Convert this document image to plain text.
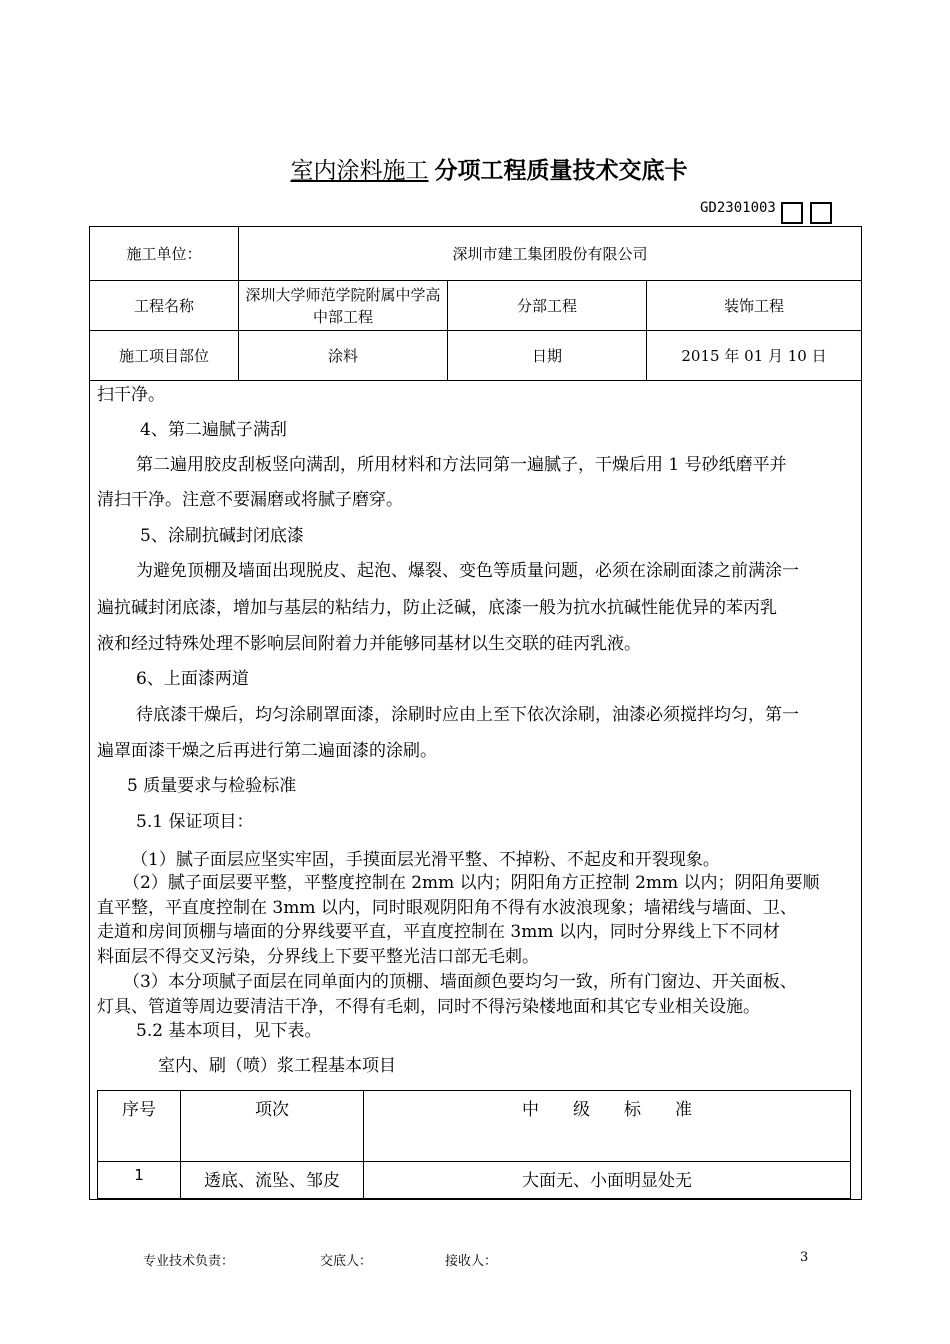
室内涂料施工 分项工程质量技术交底卡
GD2301003
施工单位：	深圳市建工集团股份有限公司		
工程名称	深圳大学师范学院附属中学高中部工程	分部工程	装饰工程
施工项目部位	涂料	日期	2015 年 01 月 10 日
扫干净。
4、第二遍腻子满刮
第二遍用胶皮刮板竖向满刮，所用材料和方法同第一遍腻子，干燥后用 1 号砂纸磨平并
清扫干净。注意不要漏磨或将腻子磨穿。
5、涂刷抗碱封闭底漆
为避免顶棚及墙面出现脱皮、起泡、爆裂、变色等质量问题，必须在涂刷面漆之前满涂一
遍抗碱封闭底漆，增加与基层的粘结力，防止泛碱，底漆一般为抗水抗碱性能优异的苯丙乳
液和经过特殊处理不影响层间附着力并能够同基材以生交联的硅丙乳液。
6、上面漆两道
待底漆干燥后，均匀涂刷罩面漆，涂刷时应由上至下依次涂刷，油漆必须搅拌均匀，第一
遍罩面漆干燥之后再进行第二遍面漆的涂刷。
5 质量要求与检验标准
5.1 保证项目：
（1）腻子面层应坚实牢固，手摸面层光滑平整、不掉粉、不起皮和开裂现象。
（2）腻子面层要平整，平整度控制在 2mm 以内；阴阳角方正控制 2mm 以内；阴阳角要顺
直平整，平直度控制在 3mm 以内，同时眼观阴阳角不得有水波浪现象；墙裙线与墙面、卫、
走道和房间顶棚与墙面的分界线要平直，平直度控制在 3mm 以内，同时分界线上下不同材
料面层不得交叉污染，分界线上下要平整光洁口部无毛刺。
（3）本分项腻子面层在同单面内的顶棚、墙面颜色要均匀一致，所有门窗边、开关面板、
灯具、管道等周边要清洁干净，不得有毛刺，同时不得污染楼地面和其它专业相关设施。
5.2 基本项目，见下表。
室内、刷（喷）浆工程基本项目
序号	项次	中　　级　　标　　准
1	透底、流坠、邹皮	大面无、小面明显处无
专业技术负责：	交底人：	接收人：	3
